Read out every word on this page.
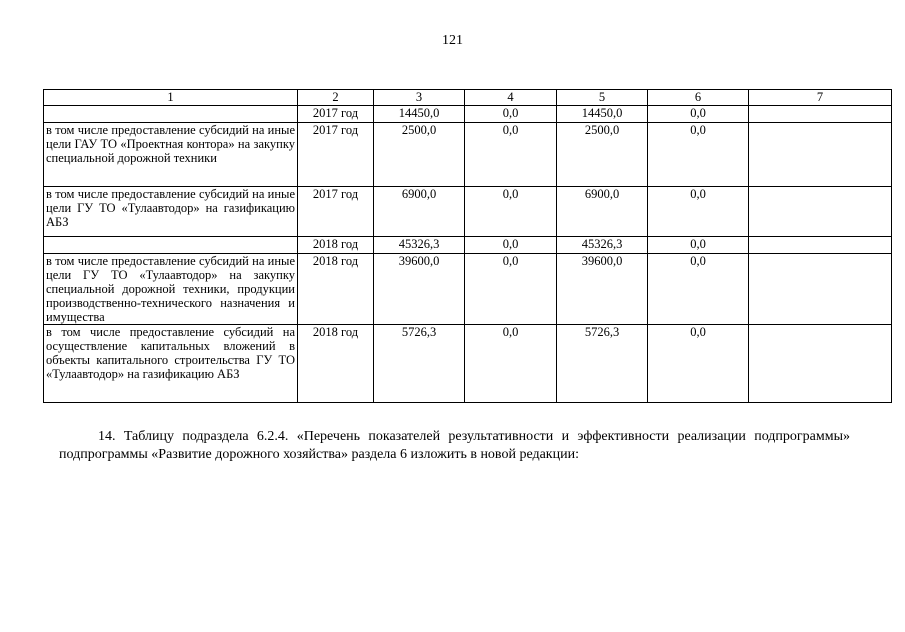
121
1	2	3	4	5	6	7
	2017 год	14450,0	0,0	14450,0	0,0	
в том числе предоставление субсидий на иные цели ГАУ ТО «Проектная контора» на закупку специальной дорожной техники	2017 год	2500,0	0,0	2500,0	0,0	
в том числе предоставление субсидий на иные цели ГУ ТО «Тулаавтодор» на газификацию АБЗ	2017 год	6900,0	0,0	6900,0	0,0	
	2018 год	45326,3	0,0	45326,3	0,0	
в том числе предоставление субсидий на иные цели ГУ ТО «Тулаавтодор» на закупку специальной дорожной техники, продукции производственно-технического назначения и имущества	2018 год	39600,0	0,0	39600,0	0,0	
в том числе предоставление субсидий на осуществление капитальных вложений в объекты капитального строительства ГУ ТО «Тулаавтодор» на газификацию АБЗ	2018 год	5726,3	0,0	5726,3	0,0	
14. Таблицу подраздела 6.2.4. «Перечень показателей результативности и эффективности реализации подпрограммы» подпрограммы «Развитие дорожного хозяйства» раздела 6 изложить в новой редакции:
